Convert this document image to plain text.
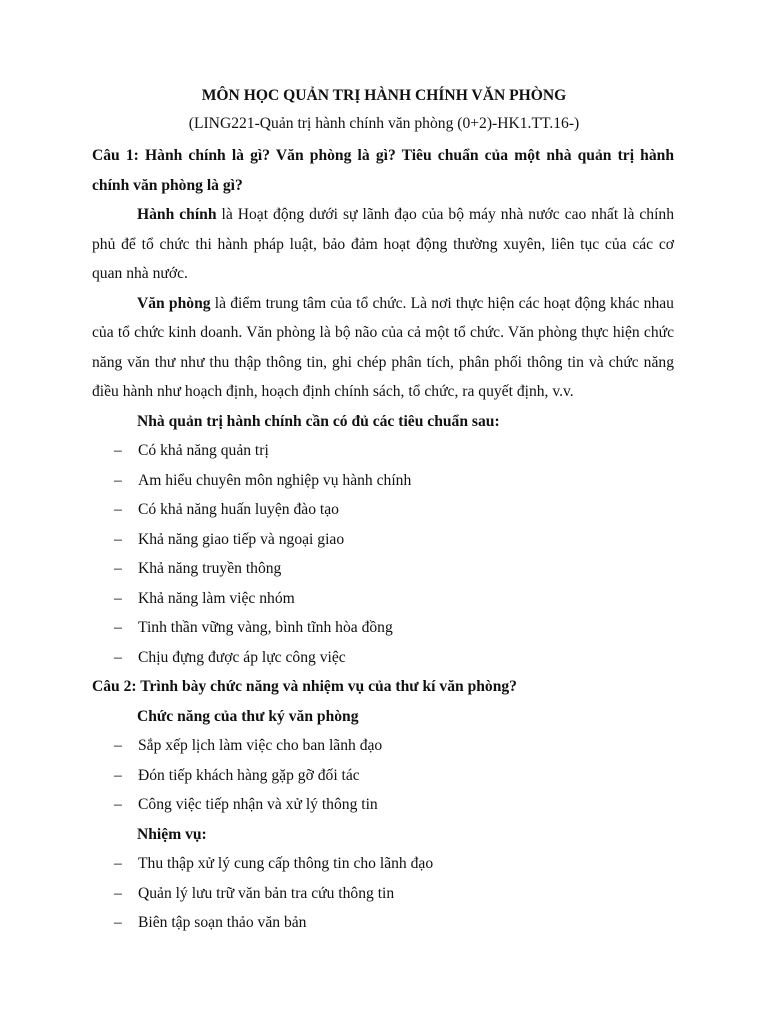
MÔN HỌC QUẢN TRỊ HÀNH CHÍNH VĂN PHÒNG

(LING221-Quản trị hành chính văn phòng (0+2)-HK1.TT.16-)

Câu 1: Hành chính là gì? Văn phòng là gì? Tiêu chuẩn của một nhà quản trị hành chính văn phòng là gì?

Hành chính là Hoạt động dưới sự lãnh đạo của bộ máy nhà nước cao nhất là chính phủ để tổ chức thi hành pháp luật, bảo đảm hoạt động thường xuyên, liên tục của các cơ quan nhà nước.

Văn phòng là điểm trung tâm của tổ chức. Là nơi thực hiện các hoạt động khác nhau của tổ chức kinh doanh. Văn phòng là bộ não của cả một tổ chức. Văn phòng thực hiện chức năng văn thư như thu thập thông tin, ghi chép phân tích, phân phối thông tin và chức năng điều hành như hoạch định, hoạch định chính sách, tổ chức, ra quyết định, v.v.

Nhà quản trị hành chính cần có đủ các tiêu chuẩn sau:

– Có khả năng quản trị
– Am hiểu chuyên môn nghiệp vụ hành chính
– Có khả năng huấn luyện đào tạo
– Khả năng giao tiếp và ngoại giao
– Khả năng truyền thông
– Khả năng làm việc nhóm
– Tinh thần vững vàng, bình tĩnh hòa đồng
– Chịu đựng được áp lực công việc

Câu 2: Trình bày chức năng và nhiệm vụ của thư kí văn phòng?

Chức năng của thư ký văn phòng

– Sắp xếp lịch làm việc cho ban lãnh đạo
– Đón tiếp khách hàng gặp gỡ đối tác
– Công việc tiếp nhận và xử lý thông tin

Nhiệm vụ:

– Thu thập xử lý cung cấp thông tin cho lãnh đạo
– Quản lý lưu trữ văn bản tra cứu thông tin
– Biên tập soạn thảo văn bản
